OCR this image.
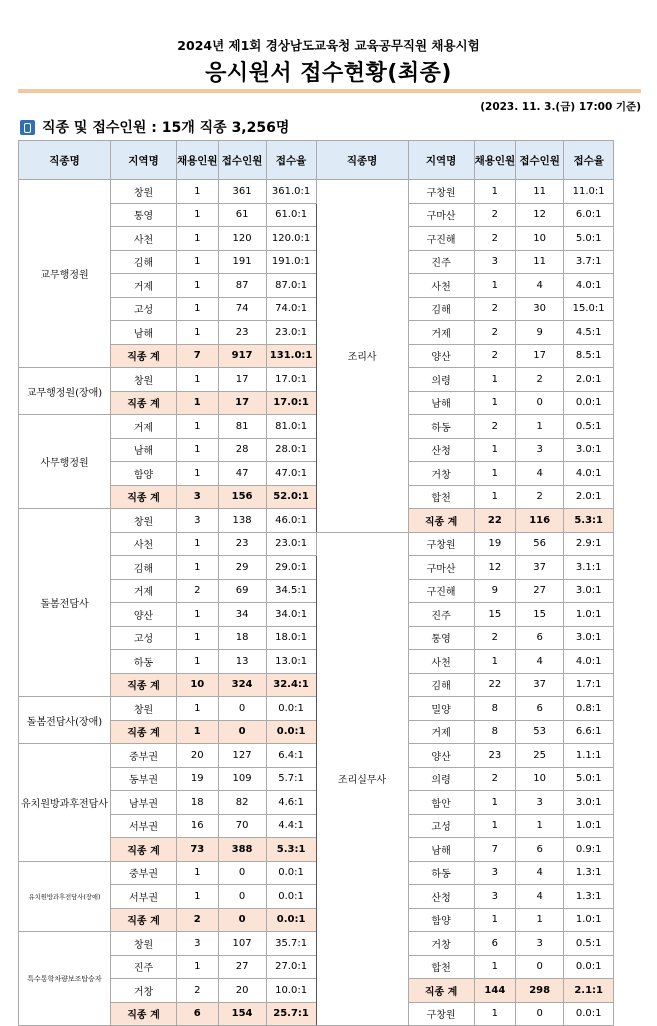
2024년 제1회 경상남도교육청 교육공무직원 채용시험
응시원서 접수현황(최종)
(2023. 11. 3.(금) 17:00 기준)
직종 및 접수인원 : 15개 직종 3,256명
직종명	지역명	채용인원	접수인원	접수율	직종명	지역명	채용인원	접수인원	접수율
교무행정원	창원	1	361	361.0:1	조리사	구창원	1	11	11.0:1
	통영	1	61	61.0:1		구마산	2	12	6.0:1
	사천	1	120	120.0:1		구진해	2	10	5.0:1
	김해	1	191	191.0:1		진주	3	11	3.7:1
	거제	1	87	87.0:1		사천	1	4	4.0:1
	고성	1	74	74.0:1		김해	2	30	15.0:1
	남해	1	23	23.0:1		거제	2	9	4.5:1
	직종 계	7	917	131.0:1		양산	2	17	8.5:1
교무행정원(장애)	창원	1	17	17.0:1		의령	1	2	2.0:1
	직종 계	1	17	17.0:1		남해	1	0	0.0:1
사무행정원	거제	1	81	81.0:1		하동	2	1	0.5:1
	남해	1	28	28.0:1		산청	1	3	3.0:1
	함양	1	47	47.0:1		거창	1	4	4.0:1
	직종 계	3	156	52.0:1		합천	1	2	2.0:1
돌봄전담사	창원	3	138	46.0:1		직종 계	22	116	5.3:1
	사천	1	23	23.0:1	조리실무사	구창원	19	56	2.9:1
	김해	1	29	29.0:1		구마산	12	37	3.1:1
	거제	2	69	34.5:1		구진해	9	27	3.0:1
	양산	1	34	34.0:1		진주	15	15	1.0:1
	고성	1	18	18.0:1		통영	2	6	3.0:1
	하동	1	13	13.0:1		사천	1	4	4.0:1
	직종 계	10	324	32.4:1		김해	22	37	1.7:1
돌봄전담사(장애)	창원	1	0	0.0:1		밀양	8	6	0.8:1
	직종 계	1	0	0.0:1		거제	8	53	6.6:1
유치원방과후전담사	중부권	20	127	6.4:1		양산	23	25	1.1:1
	동부권	19	109	5.7:1		의령	2	10	5.0:1
	남부권	18	82	4.6:1		함안	1	3	3.0:1
	서부권	16	70	4.4:1		고성	1	1	1.0:1
	직종 계	73	388	5.3:1		남해	7	6	0.9:1
유치원방과후전담사(장애)	중부권	1	0	0.0:1		하동	3	4	1.3:1
	서부권	1	0	0.0:1		산청	3	4	1.3:1
	직종 계	2	0	0.0:1		함양	1	1	1.0:1
특수통학차량보조탑승자	창원	3	107	35.7:1		거창	6	3	0.5:1
	진주	1	27	27.0:1		합천	1	0	0.0:1
	거창	2	20	10.0:1		직종 계	144	298	2.1:1
	직종 계	6	154	25.7:1		구창원	1	0	0.0:1
